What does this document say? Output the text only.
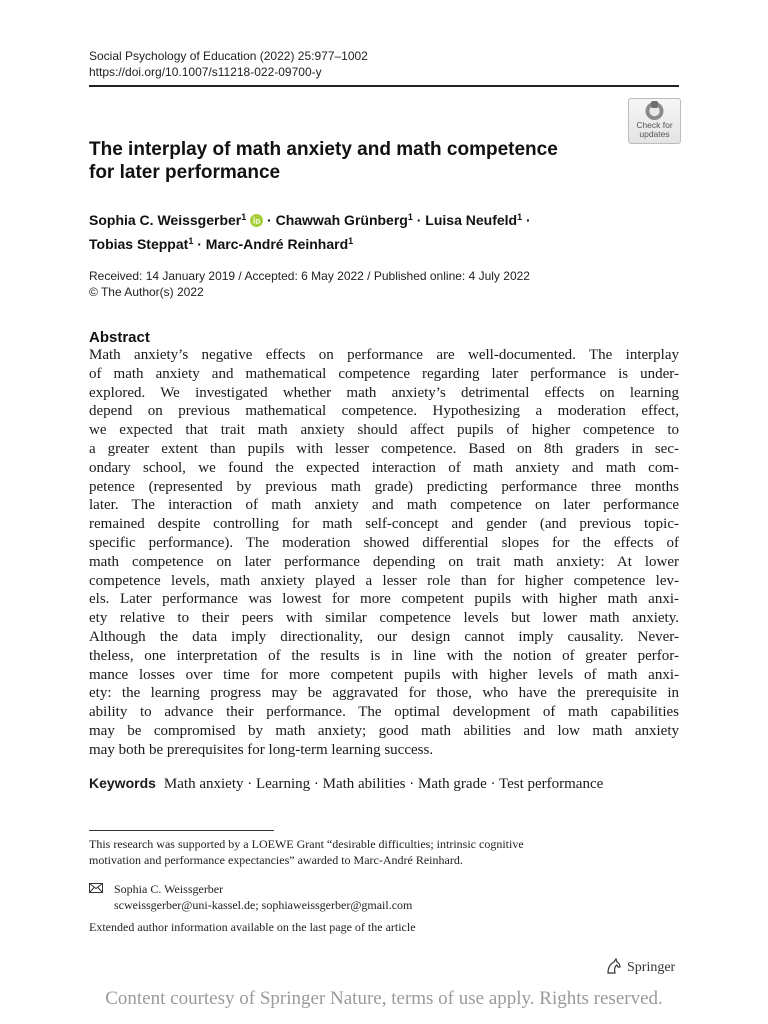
Social Psychology of Education (2022) 25:977–1002
https://doi.org/10.1007/s11218-022-09700-y
Check for
updates
The interplay of math anxiety and math competence
for later performance
Sophia C. Weissgerber$^1$  · Chawwah Grünberg$^1$ · Luisa Neufeld$^1$ ·
Tobias Steppat$^1$ · Marc-André Reinhard$^1$
Received: 14 January 2019 / Accepted: 6 May 2022 / Published online: 4 July 2022
© The Author(s) 2022
Abstract
Math anxiety’s negative effects on performance are well-documented. The interplay
of math anxiety and mathematical competence regarding later performance is under-
explored. We investigated whether math anxiety’s detrimental effects on learning
depend on previous mathematical competence. Hypothesizing a moderation effect,
we expected that trait math anxiety should affect pupils of higher competence to
a greater extent than pupils with lesser competence. Based on 8th graders in sec-
ondary school, we found the expected interaction of math anxiety and math com-
petence (represented by previous math grade) predicting performance three months
later. The interaction of math anxiety and math competence on later performance
remained despite controlling for math self-concept and gender (and previous topic-
specific performance). The moderation showed differential slopes for the effects of
math competence on later performance depending on trait math anxiety: At lower
competence levels, math anxiety played a lesser role than for higher competence lev-
els. Later performance was lowest for more competent pupils with higher math anxi-
ety relative to their peers with similar competence levels but lower math anxiety.
Although the data imply directionality, our design cannot imply causality. Never-
theless, one interpretation of the results is in line with the notion of greater perfor-
mance losses over time for more competent pupils with higher levels of math anxi-
ety: the learning progress may be aggravated for those, who have the prerequisite in
ability to advance their performance. The optimal development of math capabilities
may be compromised by math anxiety; good math abilities and low math anxiety
may both be prerequisites for long-term learning success.
Keywords Math anxiety · Learning · Math abilities · Math grade · Test performance
This research was supported by a LOEWE Grant “desirable difficulties; intrinsic cognitive
motivation and performance expectancies” awarded to Marc-André Reinhard.
Sophia C. Weissgerber
scweissgerber@uni-kassel.de; sophiaweissgerber@gmail.com
Extended author information available on the last page of the article
Springer
Content courtesy of Springer Nature, terms of use apply. Rights reserved.
